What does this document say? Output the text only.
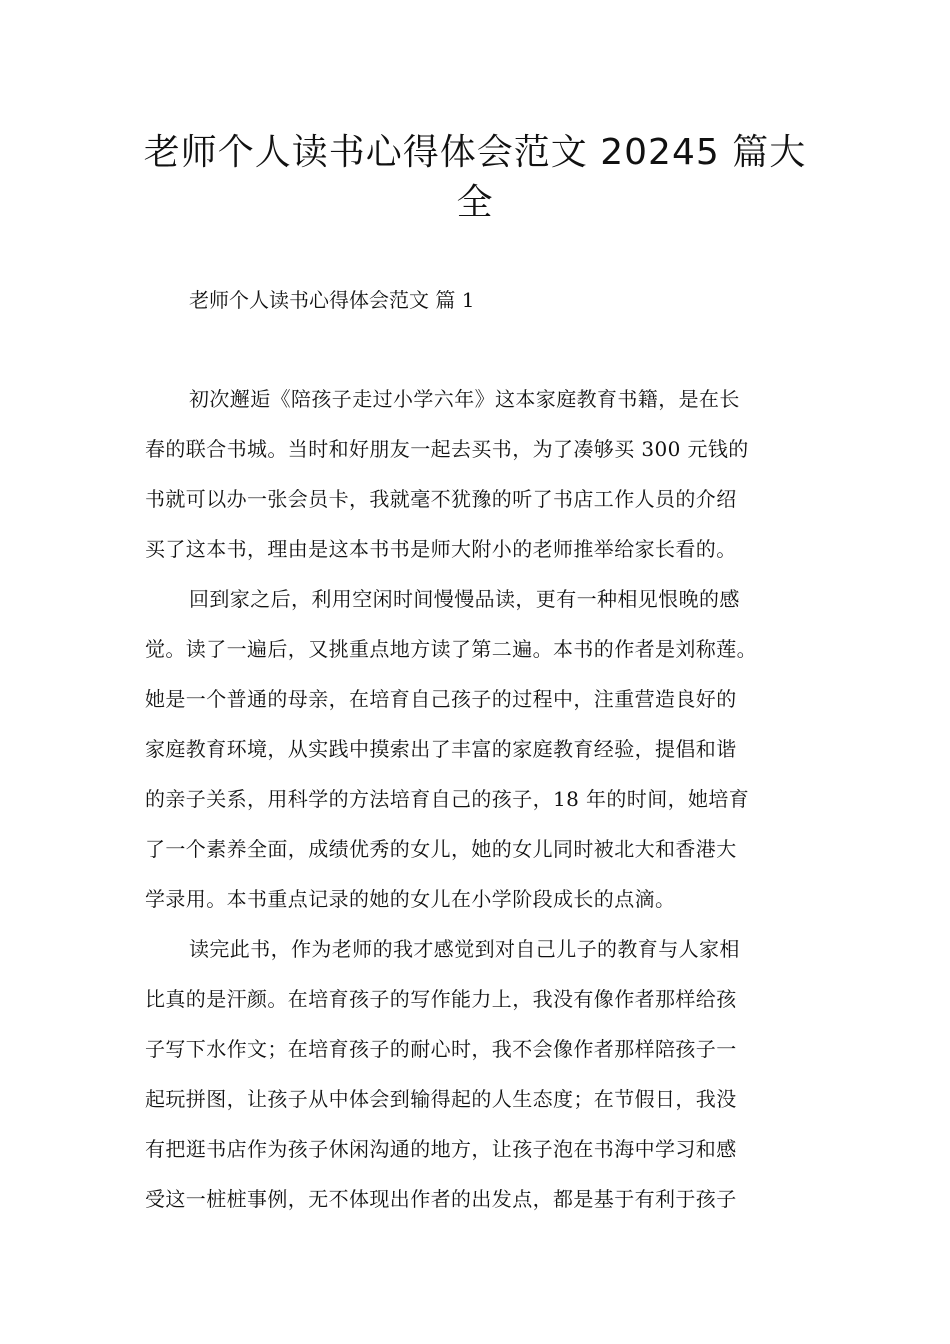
老师个人读书心得体会范文 20245 篇大
全
老师个人读书心得体会范文 篇 1
初次邂逅《陪孩子走过小学六年》这本家庭教育书籍，是在长
春的联合书城。当时和好朋友一起去买书，为了凑够买 300 元钱的
书就可以办一张会员卡，我就毫不犹豫的听了书店工作人员的介绍
买了这本书，理由是这本书书是师大附小的老师推举给家长看的。
回到家之后，利用空闲时间慢慢品读，更有一种相见恨晚的感
觉。读了一遍后，又挑重点地方读了第二遍。本书的作者是刘称莲。
她是一个普通的母亲，在培育自己孩子的过程中，注重营造良好的
家庭教育环境，从实践中摸索出了丰富的家庭教育经验，提倡和谐
的亲子关系，用科学的方法培育自己的孩子，18 年的时间，她培育
了一个素养全面，成绩优秀的女儿，她的女儿同时被北大和香港大
学录用。本书重点记录的她的女儿在小学阶段成长的点滴。
读完此书，作为老师的我才感觉到对自己儿子的教育与人家相
比真的是汗颜。在培育孩子的写作能力上，我没有像作者那样给孩
子写下水作文；在培育孩子的耐心时，我不会像作者那样陪孩子一
起玩拼图，让孩子从中体会到输得起的人生态度；在节假日，我没
有把逛书店作为孩子休闲沟通的地方，让孩子泡在书海中学习和感
受这一桩桩事例，无不体现出作者的出发点，都是基于有利于孩子
